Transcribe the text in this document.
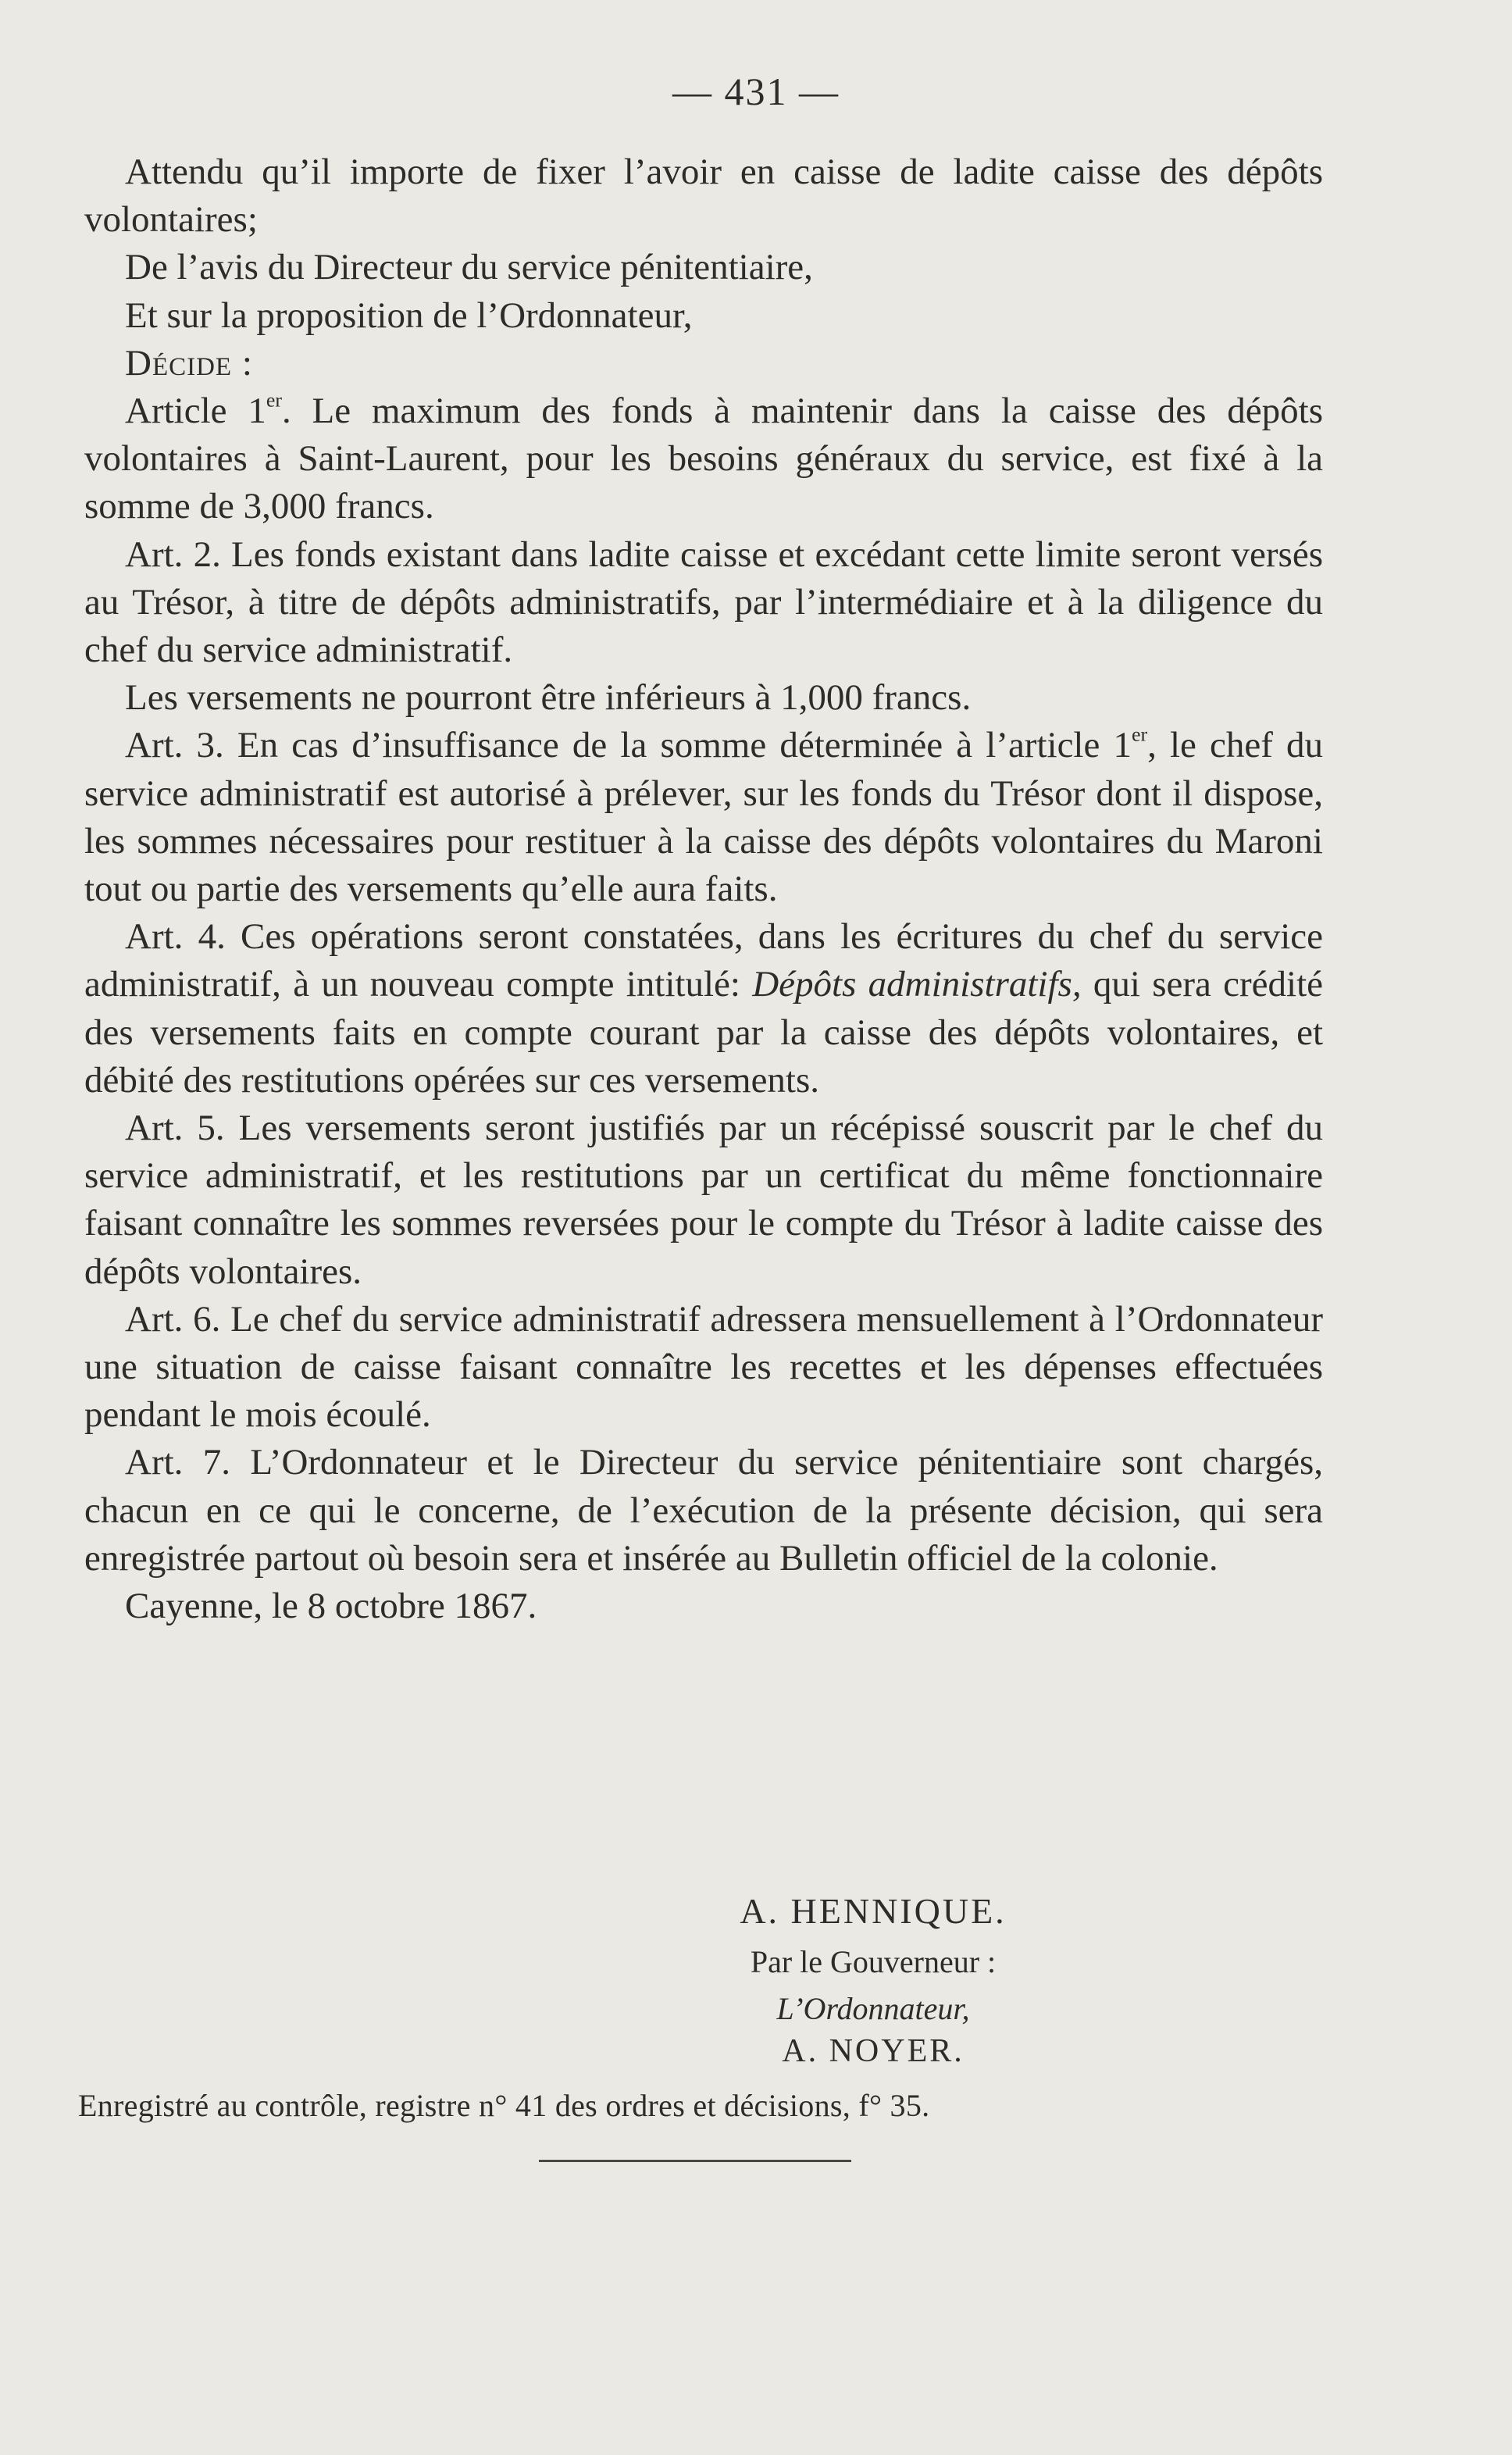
— 431 —

Attendu qu’il importe de fixer l’avoir en caisse de ladite caisse des dépôts volontaires;

De l’avis du Directeur du service pénitentiaire,

Et sur la proposition de l’Ordonnateur,

Décide :

Article 1er. Le maximum des fonds à maintenir dans la caisse des dépôts volontaires à Saint-Laurent, pour les besoins généraux du service, est fixé à la somme de 3,000 francs.

Art. 2. Les fonds existant dans ladite caisse et excédant cette limite seront versés au Trésor, à titre de dépôts administratifs, par l’intermédiaire et à la diligence du chef du service administratif.

Les versements ne pourront être inférieurs à 1,000 francs.

Art. 3. En cas d’insuffisance de la somme déterminée à l’article 1er, le chef du service administratif est autorisé à prélever, sur les fonds du Trésor dont il dispose, les sommes nécessaires pour restituer à la caisse des dépôts volontaires du Maroni tout ou partie des versements qu’elle aura faits.

Art. 4. Ces opérations seront constatées, dans les écritures du chef du service administratif, à un nouveau compte intitulé: Dépôts administratifs, qui sera crédité des versements faits en compte courant par la caisse des dépôts volontaires, et débité des restitutions opérées sur ces versements.

Art. 5. Les versements seront justifiés par un récépissé souscrit par le chef du service administratif, et les restitutions par un certificat du même fonctionnaire faisant connaître les sommes reversées pour le compte du Trésor à ladite caisse des dépôts volontaires.

Art. 6. Le chef du service administratif adressera mensuellement à l’Ordonnateur une situation de caisse faisant connaître les recettes et les dépenses effectuées pendant le mois écoulé.

Art. 7. L’Ordonnateur et le Directeur du service pénitentiaire sont chargés, chacun en ce qui le concerne, de l’exécution de la présente décision, qui sera enregistrée partout où besoin sera et insérée au Bulletin officiel de la colonie.

Cayenne, le 8 octobre 1867.

A. HENNIQUE.
Par le Gouverneur :
L’Ordonnateur,
A. NOYER.
Enregistré au contrôle, registre n° 41 des ordres et décisions, f° 35.
